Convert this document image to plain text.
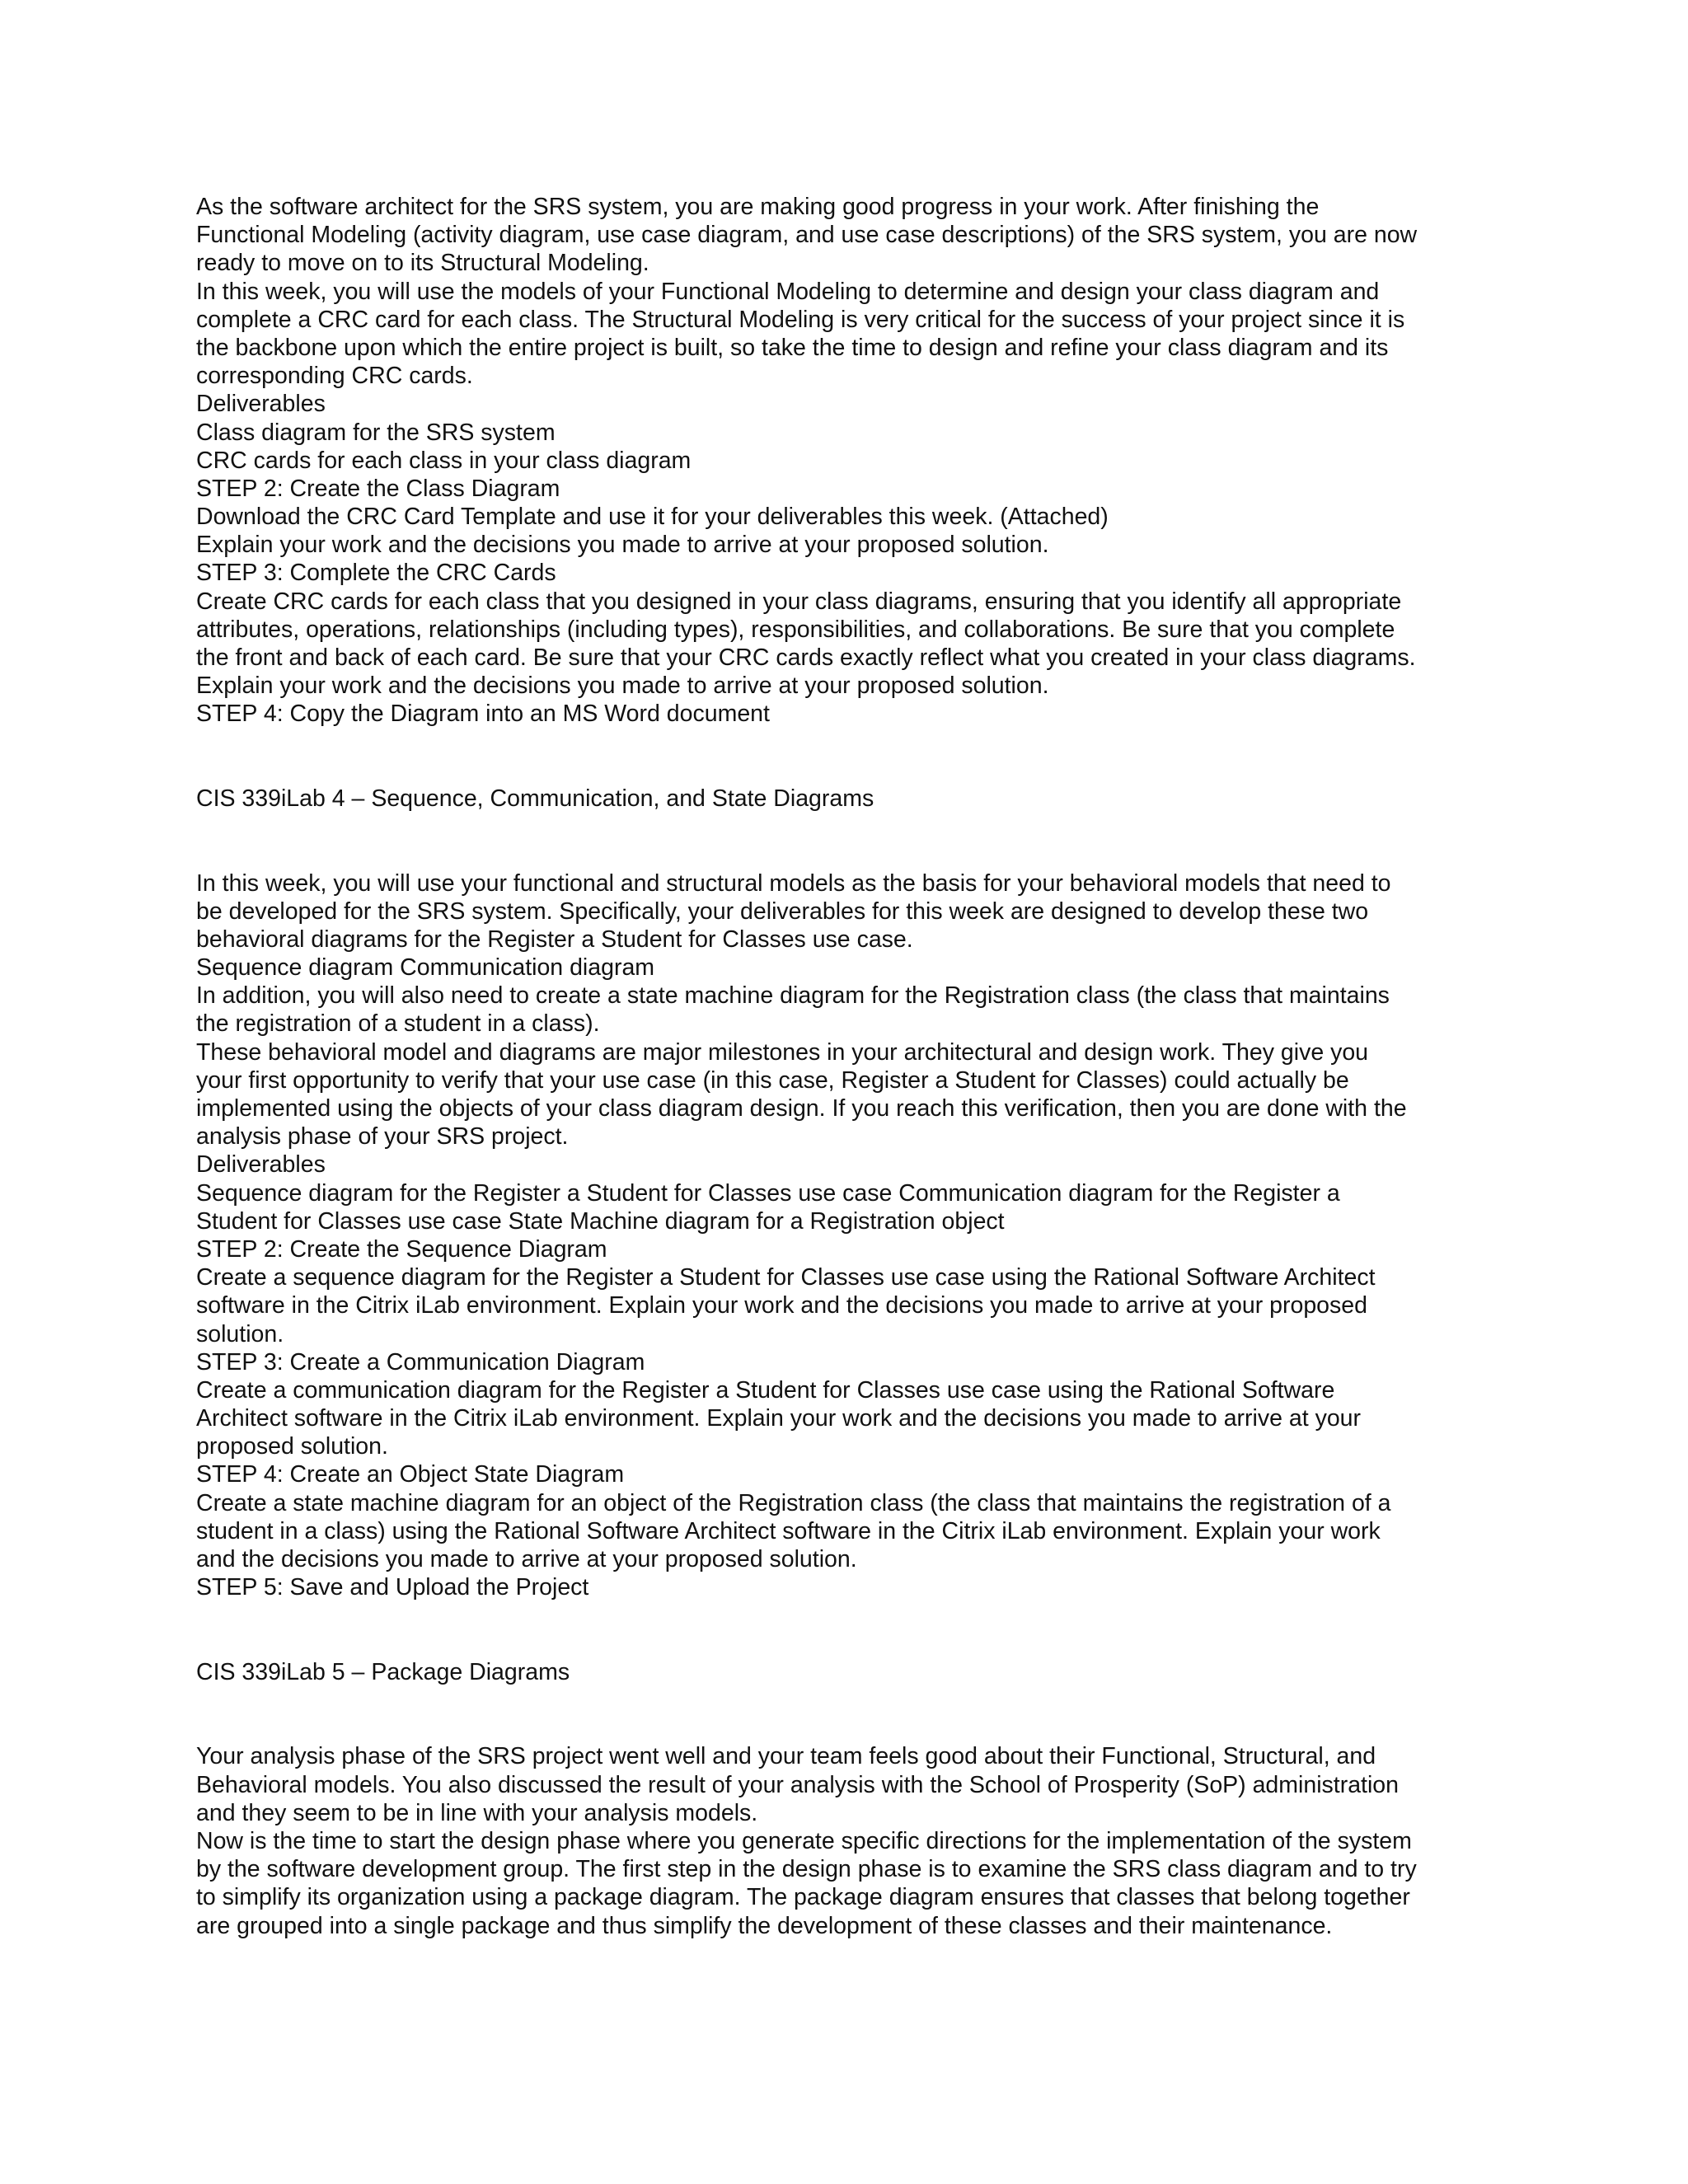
As the software architect for the SRS system, you are making good progress in your work. After finishing the
Functional Modeling (activity diagram, use case diagram, and use case descriptions) of the SRS system, you are now
ready to move on to its Structural Modeling.
In this week, you will use the models of your Functional Modeling to determine and design your class diagram and
complete a CRC card for each class. The Structural Modeling is very critical for the success of your project since it is
the backbone upon which the entire project is built, so take the time to design and refine your class diagram and its
corresponding CRC cards.
Deliverables
Class diagram for the SRS system
CRC cards for each class in your class diagram
STEP 2: Create the Class Diagram
Download the CRC Card Template and use it for your deliverables this week. (Attached)
Explain your work and the decisions you made to arrive at your proposed solution.
STEP 3: Complete the CRC Cards
Create CRC cards for each class that you designed in your class diagrams, ensuring that you identify all appropriate
attributes, operations, relationships (including types), responsibilities, and collaborations. Be sure that you complete
the front and back of each card. Be sure that your CRC cards exactly reflect what you created in your class diagrams.
Explain your work and the decisions you made to arrive at your proposed solution.
STEP 4: Copy the Diagram into an MS Word document
CIS 339iLab 4 – Sequence, Communication, and State Diagrams
In this week, you will use your functional and structural models as the basis for your behavioral models that need to
be developed for the SRS system. Specifically, your deliverables for this week are designed to develop these two
behavioral diagrams for the Register a Student for Classes use case.
Sequence diagram Communication diagram
In addition, you will also need to create a state machine diagram for the Registration class (the class that maintains
the registration of a student in a class).
These behavioral model and diagrams are major milestones in your architectural and design work. They give you
your first opportunity to verify that your use case (in this case, Register a Student for Classes) could actually be
implemented using the objects of your class diagram design. If you reach this verification, then you are done with the
analysis phase of your SRS project.
Deliverables
Sequence diagram for the Register a Student for Classes use case Communication diagram for the Register a
Student for Classes use case State Machine diagram for a Registration object
STEP 2: Create the Sequence Diagram
Create a sequence diagram for the Register a Student for Classes use case using the Rational Software Architect
software in the Citrix iLab environment. Explain your work and the decisions you made to arrive at your proposed
solution.
STEP 3: Create a Communication Diagram
Create a communication diagram for the Register a Student for Classes use case using the Rational Software
Architect software in the Citrix iLab environment. Explain your work and the decisions you made to arrive at your
proposed solution.
STEP 4: Create an Object State Diagram
Create a state machine diagram for an object of the Registration class (the class that maintains the registration of a
student in a class) using the Rational Software Architect software in the Citrix iLab environment. Explain your work
and the decisions you made to arrive at your proposed solution.
STEP 5: Save and Upload the Project
CIS 339iLab 5 – Package Diagrams
Your analysis phase of the SRS project went well and your team feels good about their Functional, Structural, and
Behavioral models. You also discussed the result of your analysis with the School of Prosperity (SoP) administration
and they seem to be in line with your analysis models.
Now is the time to start the design phase where you generate specific directions for the implementation of the system
by the software development group. The first step in the design phase is to examine the SRS class diagram and to try
to simplify its organization using a package diagram. The package diagram ensures that classes that belong together
are grouped into a single package and thus simplify the development of these classes and their maintenance.
